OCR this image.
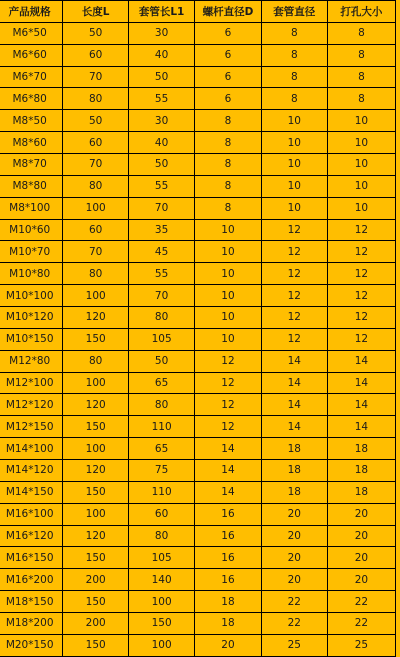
产品规格	长度L	套管长L1	螺杆直径D	套管直径	打孔大小
M6*50	50	30	6	8	8
M6*60	60	40	6	8	8
M6*70	70	50	6	8	8
M6*80	80	55	6	8	8
M8*50	50	30	8	10	10
M8*60	60	40	8	10	10
M8*70	70	50	8	10	10
M8*80	80	55	8	10	10
M8*100	100	70	8	10	10
M10*60	60	35	10	12	12
M10*70	70	45	10	12	12
M10*80	80	55	10	12	12
M10*100	100	70	10	12	12
M10*120	120	80	10	12	12
M10*150	150	105	10	12	12
M12*80	80	50	12	14	14
M12*100	100	65	12	14	14
M12*120	120	80	12	14	14
M12*150	150	110	12	14	14
M14*100	100	65	14	18	18
M14*120	120	75	14	18	18
M14*150	150	110	14	18	18
M16*100	100	60	16	20	20
M16*120	120	80	16	20	20
M16*150	150	105	16	20	20
M16*200	200	140	16	20	20
M18*150	150	100	18	22	22
M18*200	200	150	18	22	22
M20*150	150	100	20	25	25
